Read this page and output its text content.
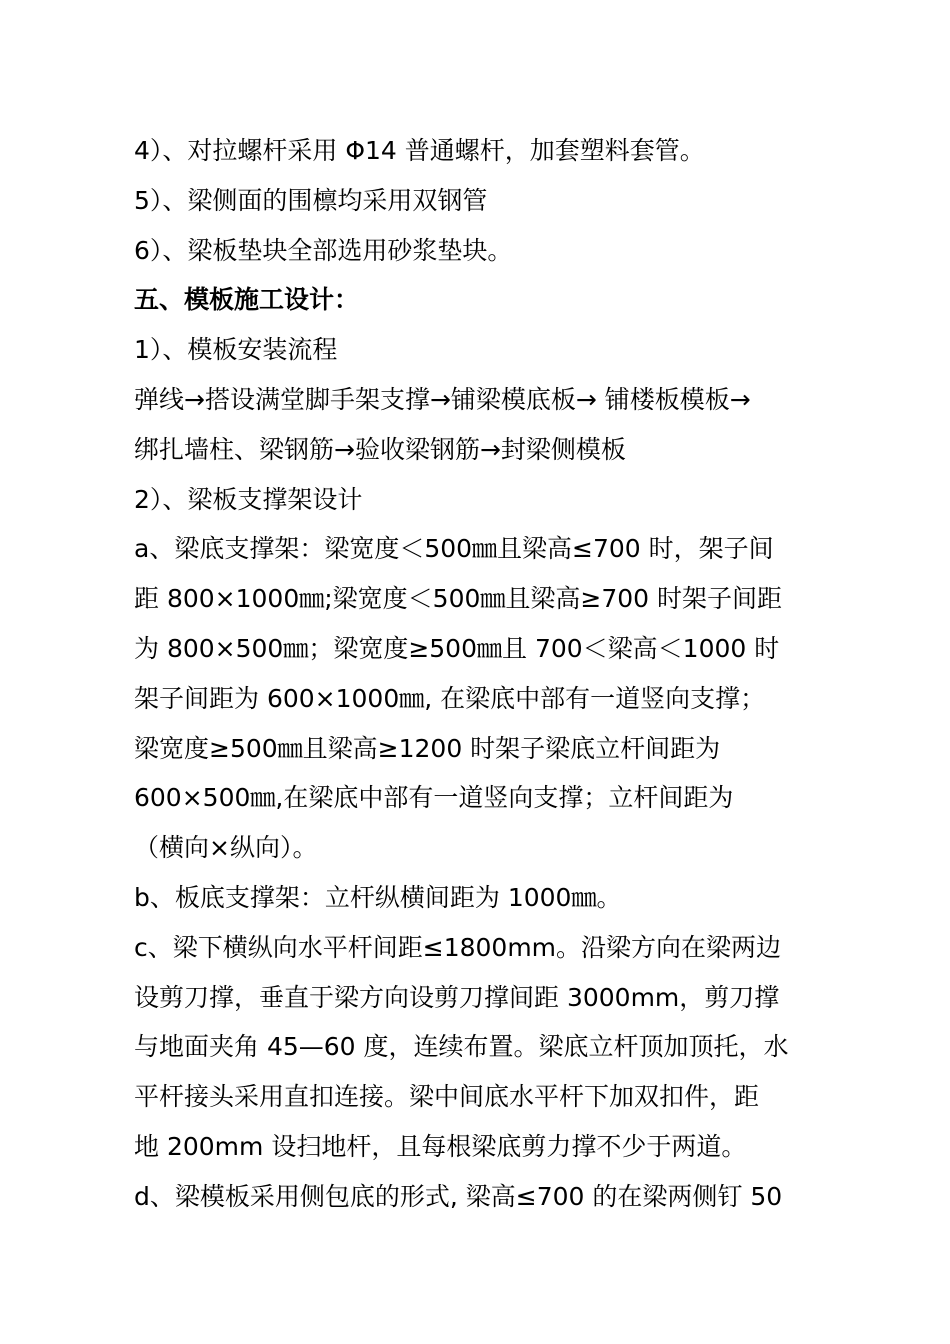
4）、对拉螺杆采用 Φ14 普通螺杆，加套塑料套管。
5）、梁侧面的围檩均采用双钢管
6）、梁板垫块全部选用砂浆垫块。
五、模板施工设计：
1）、模板安装流程
弹线→搭设满堂脚手架支撑→铺梁模底板→ 铺楼板模板→
绑扎墙柱、梁钢筋→验收梁钢筋→封梁侧模板
2）、梁板支撑架设计
a、梁底支撑架：梁宽度＜500㎜且梁高≤700 时，架子间
距 800×1000㎜;梁宽度＜500㎜且梁高≥700 时架子间距
为 800×500㎜；梁宽度≥500㎜且 700＜梁高＜1000 时
架子间距为 600×1000㎜, 在梁底中部有一道竖向支撑；
梁宽度≥500㎜且梁高≥1200 时架子梁底立杆间距为
600×500㎜,在梁底中部有一道竖向支撑；立杆间距为
（横向×纵向）。
b、板底支撑架：立杆纵横间距为 1000㎜。
c、梁下横纵向水平杆间距≤1800mm。沿梁方向在梁两边
设剪刀撑，垂直于梁方向设剪刀撑间距 3000mm，剪刀撑
与地面夹角 45—60 度，连续布置。梁底立杆顶加顶托，水
平杆接头采用直扣连接。梁中间底水平杆下加双扣件，距
地 200mm 设扫地杆，且每根梁底剪力撑不少于两道。
d、梁模板采用侧包底的形式, 梁高≤700 的在梁两侧钉 50
